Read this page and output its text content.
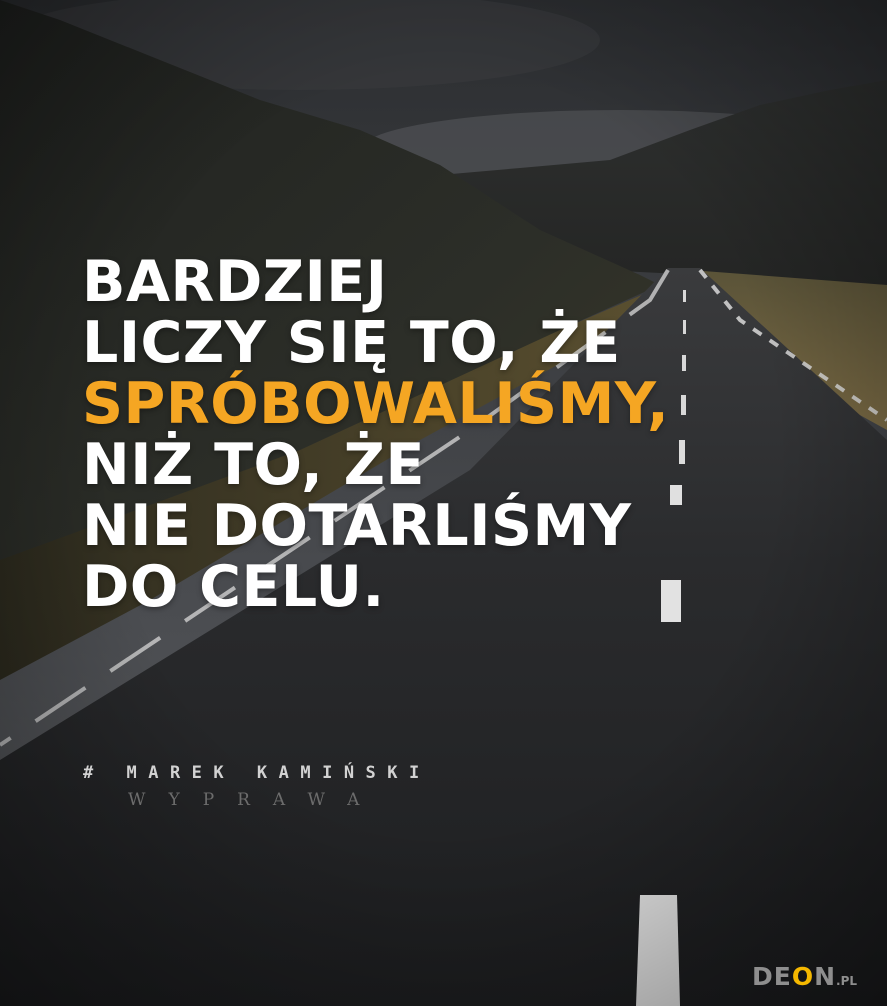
BARDZIEJ
LICZY SIĘ TO, ŻE
SPRÓBOWALIŚMY,
NIŻ TO, ŻE
NIE DOTARLIŚMY
DO CELU.
# MAREK KAMIŃSKI
WYPRAWA
DEON.PL
